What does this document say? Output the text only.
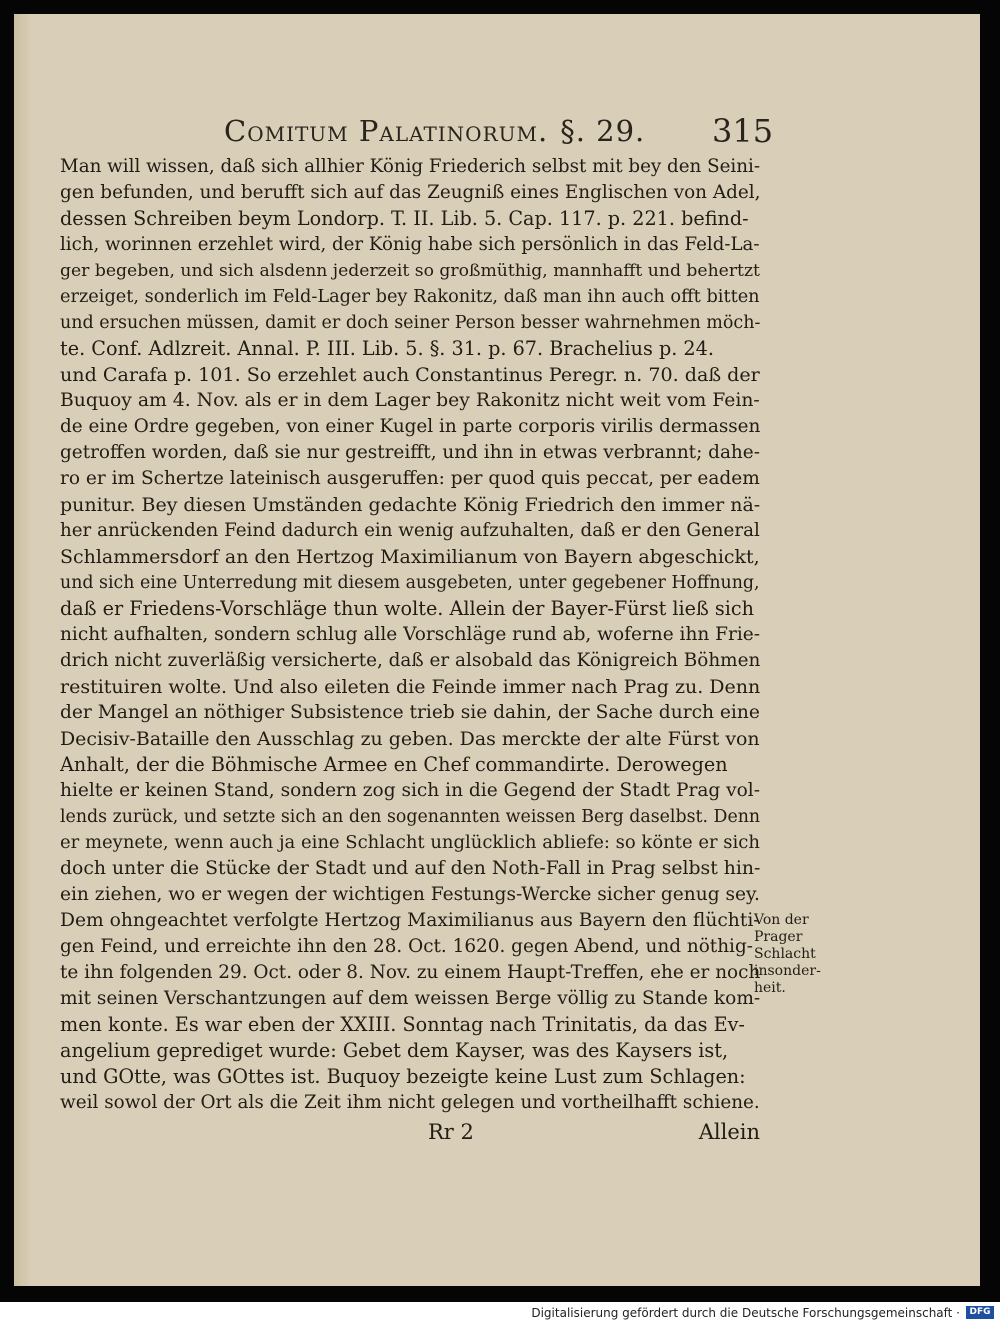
Comitum Palatinorum. §. 29. 315
Man will wissen, daß sich allhier König Friederich selbst mit bey den Seini-
gen befunden, und berufft sich auf das Zeugniß eines Englischen von Adel,
dessen Schreiben beym Londorp. T. II. Lib. 5. Cap. 117. p. 221. befind-
lich, worinnen erzehlet wird, der König habe sich persönlich in das Feld-La-
ger begeben, und sich alsdenn jederzeit so großmüthig, mannhafft und behertzt
erzeiget, sonderlich im Feld-Lager bey Rakonitz, daß man ihn auch offt bitten
und ersuchen müssen, damit er doch seiner Person besser wahrnehmen möch-
te. Conf. Adlzreit. Annal. P. III. Lib. 5. §. 31. p. 67. Brachelius p. 24.
und Carafa p. 101. So erzehlet auch Constantinus Peregr. n. 70. daß der
Buquoy am 4. Nov. als er in dem Lager bey Rakonitz nicht weit vom Fein-
de eine Ordre gegeben, von einer Kugel in parte corporis virilis dermassen
getroffen worden, daß sie nur gestreifft, und ihn in etwas verbrannt; dahe-
ro er im Schertze lateinisch ausgeruffen: per quod quis peccat, per eadem
punitur. Bey diesen Umständen gedachte König Friedrich den immer nä-
her anrückenden Feind dadurch ein wenig aufzuhalten, daß er den General
Schlammersdorf an den Hertzog Maximilianum von Bayern abgeschickt,
und sich eine Unterredung mit diesem ausgebeten, unter gegebener Hoffnung,
daß er Friedens-Vorschläge thun wolte. Allein der Bayer-Fürst ließ sich
nicht aufhalten, sondern schlug alle Vorschläge rund ab, woferne ihn Frie-
drich nicht zuverläßig versicherte, daß er alsobald das Königreich Böhmen
restituiren wolte. Und also eileten die Feinde immer nach Prag zu. Denn
der Mangel an nöthiger Subsistence trieb sie dahin, der Sache durch eine
Decisiv-Bataille den Ausschlag zu geben. Das merckte der alte Fürst von
Anhalt, der die Böhmische Armee en Chef commandirte. Derowegen
hielte er keinen Stand, sondern zog sich in die Gegend der Stadt Prag vol-
lends zurück, und setzte sich an den sogenannten weissen Berg daselbst. Denn
er meynete, wenn auch ja eine Schlacht unglücklich abliefe: so könte er sich
doch unter die Stücke der Stadt und auf den Noth-Fall in Prag selbst hin-
ein ziehen, wo er wegen der wichtigen Festungs-Wercke sicher genug sey.
Dem ohngeachtet verfolgte Hertzog Maximilianus aus Bayern den flüchti-
gen Feind, und erreichte ihn den 28. Oct. 1620. gegen Abend, und nöthig-
te ihn folgenden 29. Oct. oder 8. Nov. zu einem Haupt-Treffen, ehe er noch
mit seinen Verschantzungen auf dem weissen Berge völlig zu Stande kom-
men konte. Es war eben der XXIII. Sonntag nach Trinitatis, da das Ev-
angelium geprediget wurde: Gebet dem Kayser, was des Kaysers ist,
und GOtte, was GOttes ist. Buquoy bezeigte keine Lust zum Schlagen:
weil sowol der Ort als die Zeit ihm nicht gelegen und vortheilhafft schiene.
Von der
Prager
Schlacht
insonder-
heit.
Rr 2	Allein
Digitalisierung gefördert durch die Deutsche Forschungsgemeinschaft ·	DFG
